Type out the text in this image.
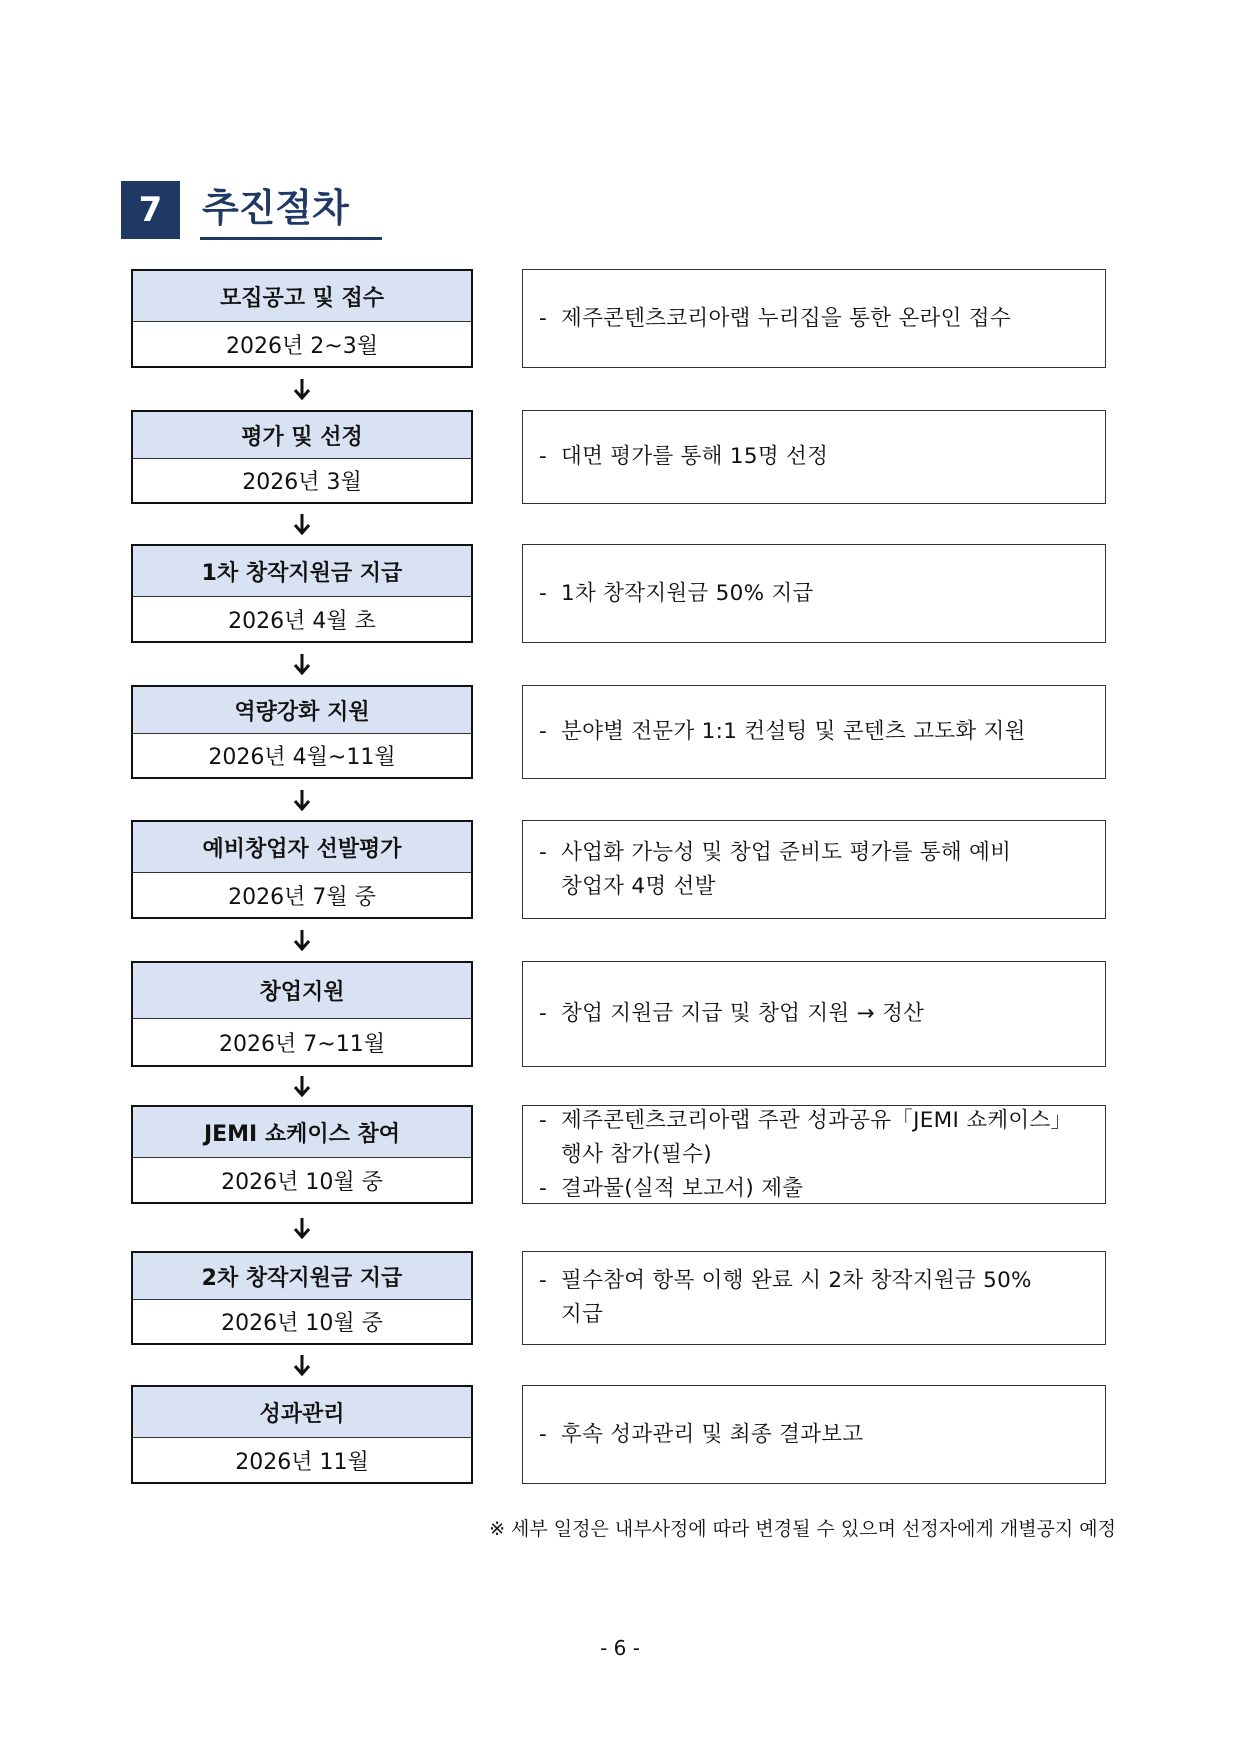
7	추진절차
모집공고 및 접수
2026년 2~3월
- 제주콘텐츠코리아랩 누리집을 통한 온라인 접수
평가 및 선정
2026년 3월
- 대면 평가를 통해 15명 선정
1차 창작지원금 지급
2026년 4월 초
- 1차 창작지원금 50% 지급
역량강화 지원
2026년 4월~11월
- 분야별 전문가 1:1 컨설팅 및 콘텐츠 고도화 지원
예비창업자 선발평가
2026년 7월 중
- 사업화 가능성 및 창업 준비도 평가를 통해 예비
창업자 4명 선발
창업지원
2026년 7~11월
- 창업 지원금 지급 및 창업 지원 → 정산
JEMI 쇼케이스 참여
2026년 10월 중
- 제주콘텐츠코리아랩 주관 성과공유「JEMI 쇼케이스」
행사 참가(필수)
- 결과물(실적 보고서) 제출
2차 창작지원금 지급
2026년 10월 중
- 필수참여 항목 이행 완료 시 2차 창작지원금 50%
지급
성과관리
2026년 11월
- 후속 성과관리 및 최종 결과보고
※ 세부 일정은 내부사정에 따라 변경될 수 있으며 선정자에게 개별공지 예정
- 6 -
